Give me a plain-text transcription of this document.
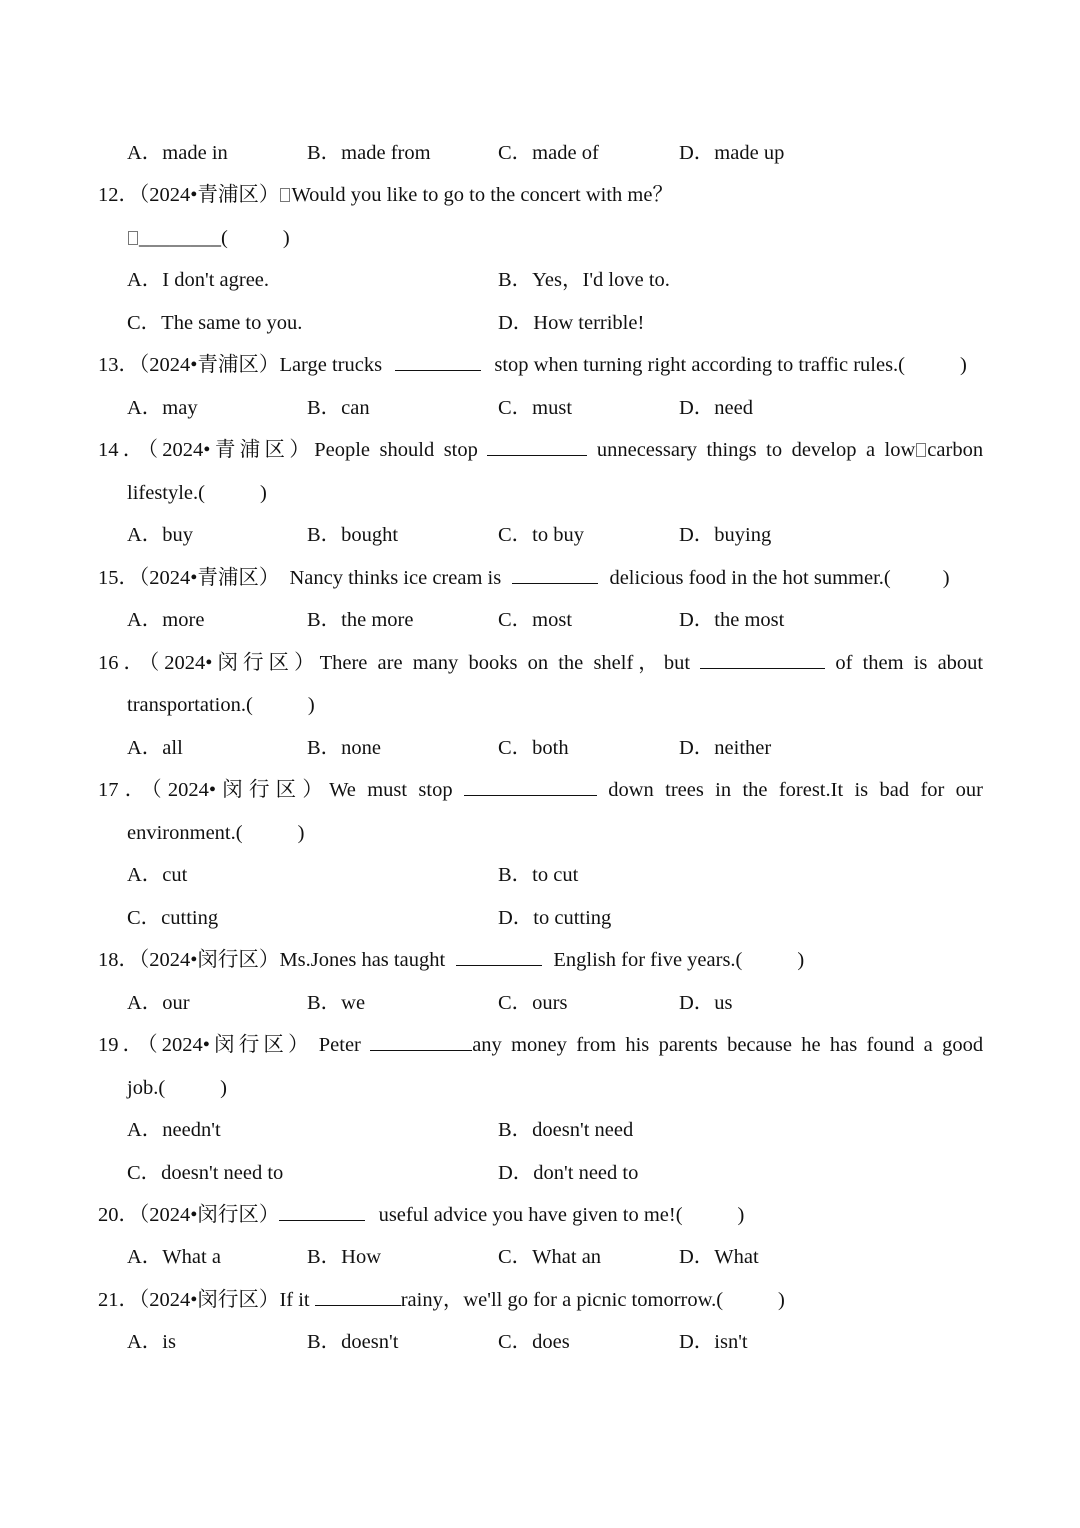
A．made in	B．made from	C．made of	D．made up
12．（2024•青浦区） Would you like to go to the concert with me？
________(	)
A．I don't agree.	B．Yes，I'd love to.
C．The same to you.	D．How terrible!
13．（2024•青浦区）Large trucks	stop when turning right according to traffic rules.(	)
A．may	B．can	C．must	D．need
14．（2024•青浦区）People should stop	unnecessary things to develop a low carbon
lifestyle.(	)
A．buy	B．bought	C．to buy	D．buying
15．（2024•青浦区） Nancy thinks ice cream is	delicious food in the hot summer.(	)
A．more	B．the more	C．most	D．the most
16．（2024•闵行区）There are many books on the shelf，but	of them is about
transportation.(	)
A．all	B．none	C．both	D．neither
17．（2024•闵行区）We must stop	down trees in the forest.It is bad for our
environment.(	)
A．cut	B．to cut
C．cutting	D．to cutting
18．（2024•闵行区）Ms.Jones has taught	English for five years.(	)
A．our	B．we	C．ours	D．us
19．（2024•闵行区） Peter	any money from his parents because he has found a good
job.(	)
A．needn't	B．doesn't need
C．doesn't need to	D．don't need to
20．（2024•闵行区）	useful advice you have given to me!(	)
A．What a	B．How	C．What an	D．What
21．（2024•闵行区）If it	rainy，we'll go for a picnic tomorrow.(	)
A．is	B．doesn't	C．does	D．isn't
